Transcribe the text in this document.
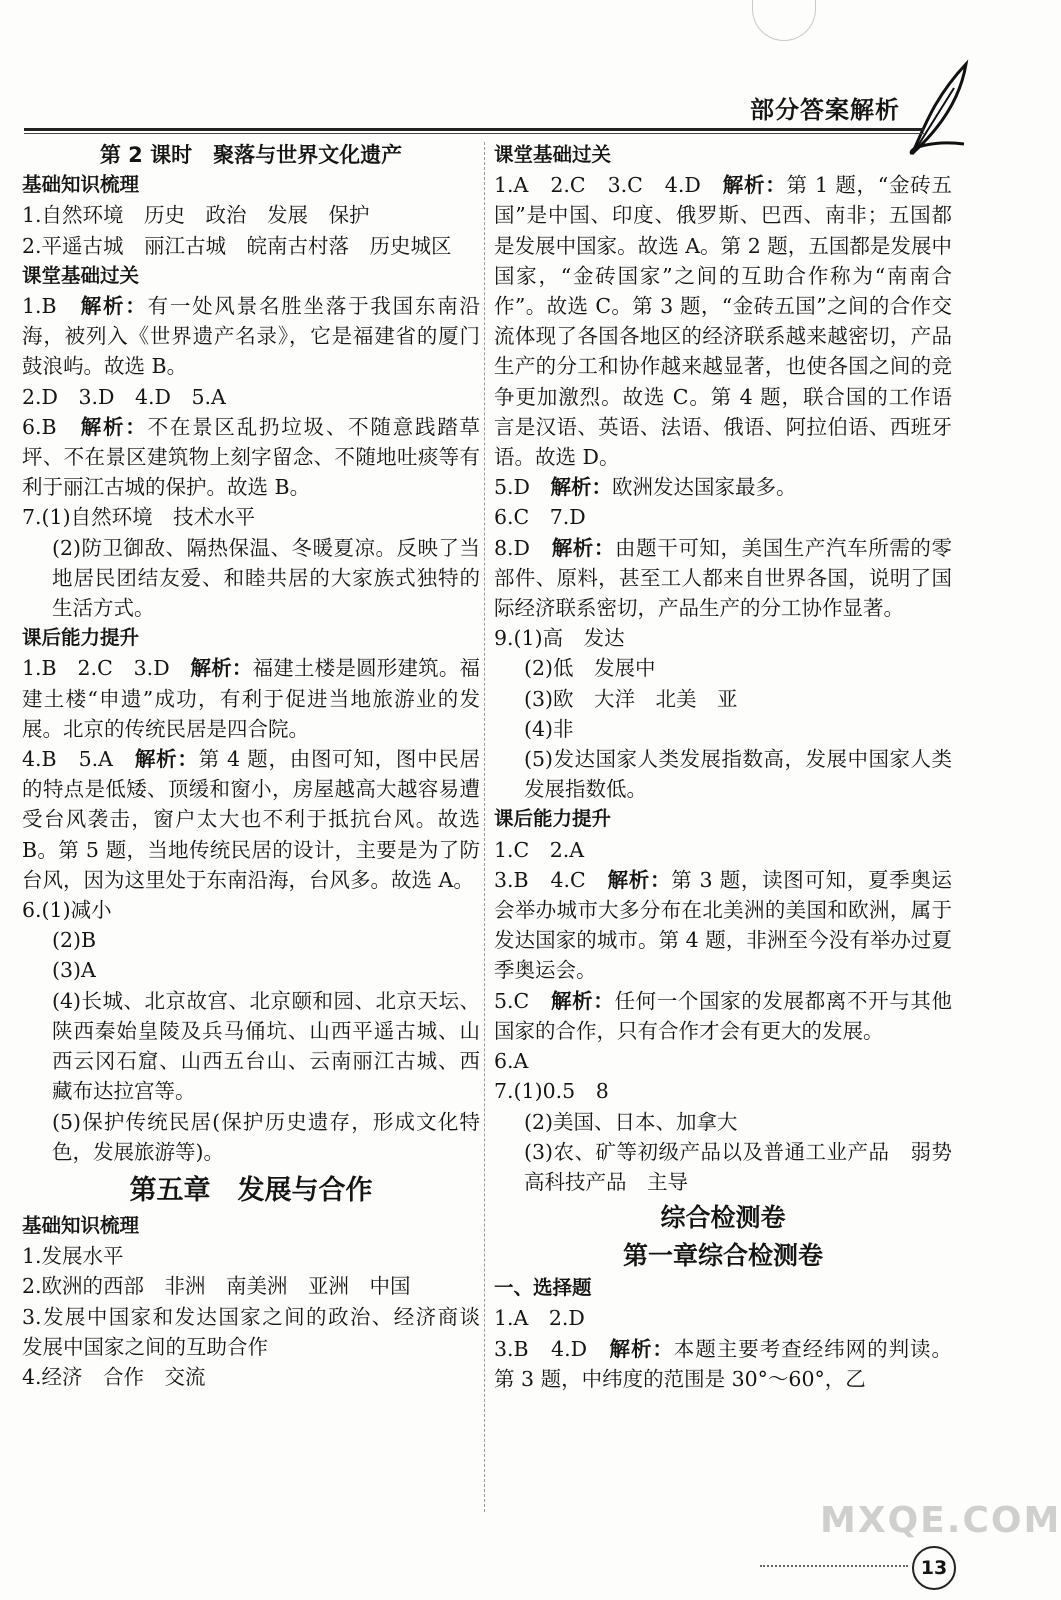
部分答案解析

第 2 课时　聚落与世界文化遗产

基础知识梳理

1.自然环境　历史　政治　发展　保护

2.平遥古城　丽江古城　皖南古村落　历史城区

课堂基础过关

1.B　 解析：有一处风景名胜坐落于我国东南沿海，被列入《世界遗产名录》，它是福建省的厦门鼓浪屿。故选 B。

2.D　3.D　4.D　5.A

6.B　 解析：不在景区乱扔垃圾、不随意践踏草坪、不在景区建筑物上刻字留念、不随地吐痰等有利于丽江古城的保护。故选 B。

7.(1)自然环境　技术水平

(2)防卫御敌、隔热保温、冬暖夏凉。反映了当地居民团结友爱、和睦共居的大家族式独特的生活方式。

课后能力提升

1.B　2.C　3.D　 解析：福建土楼是圆形建筑。福建土楼“申遗”成功，有利于促进当地旅游业的发展。北京的传统民居是四合院。

4.B　5.A　 解析：第 4 题，由图可知，图中民居的特点是低矮、顶缓和窗小，房屋越高大越容易遭受台风袭击，窗户太大也不利于抵抗台风。故选 B。第 5 题，当地传统民居的设计，主要是为了防台风，因为这里处于东南沿海，台风多。故选 A。

6.(1)减小

(2)B

(3)A

(4)长城、北京故宫、北京颐和园、北京天坛、陕西秦始皇陵及兵马俑坑、山西平遥古城、山西云冈石窟、山西五台山、云南丽江古城、西藏布达拉宫等。

(5)保护传统民居(保护历史遗存，形成文化特色，发展旅游等)。

第五章　发展与合作

基础知识梳理

1.发展水平

2.欧洲的西部　非洲　南美洲　亚洲　中国

3.发展中国家和发达国家之间的政治、经济商谈　发展中国家之间的互助合作

4.经济　合作　交流

课堂基础过关

1.A　2.C　3.C　4.D　 解析：第 1 题，“金砖五国”是中国、印度、俄罗斯、巴西、南非；五国都是发展中国家。故选 A。第 2 题，五国都是发展中国家，“金砖国家”之间的互助合作称为“南南合作”。故选 C。第 3 题，“金砖五国”之间的合作交流体现了各国各地区的经济联系越来越密切，产品生产的分工和协作越来越显著，也使各国之间的竞争更加激烈。故选 C。第 4 题，联合国的工作语言是汉语、英语、法语、俄语、阿拉伯语、西班牙语。故选 D。

5.D　 解析：欧洲发达国家最多。

6.C　7.D

8.D　 解析：由题干可知，美国生产汽车所需的零部件、原料，甚至工人都来自世界各国，说明了国际经济联系密切，产品生产的分工协作显著。

9.(1)高　发达

(2)低　发展中

(3)欧　大洋　北美　亚

(4)非

(5)发达国家人类发展指数高，发展中国家人类发展指数低。

课后能力提升

1.C　2.A

3.B　4.C　 解析：第 3 题，读图可知，夏季奥运会举办城市大多分布在北美洲的美国和欧洲，属于发达国家的城市。第 4 题，非洲至今没有举办过夏季奥运会。

5.C　 解析：任何一个国家的发展都离不开与其他国家的合作，只有合作才会有更大的发展。

6.A

7.(1)0.5　8

(2)美国、日本、加拿大

(3)农、矿等初级产品以及普通工业产品　弱势　高科技产品　主导

综合检测卷

第一章综合检测卷

一、选择题

1.A　2.D

3.B　4.D　 解析：本题主要考查经纬网的判读。第 3 题，中纬度的范围是 30°～60°，乙

MXQE.COM
13
